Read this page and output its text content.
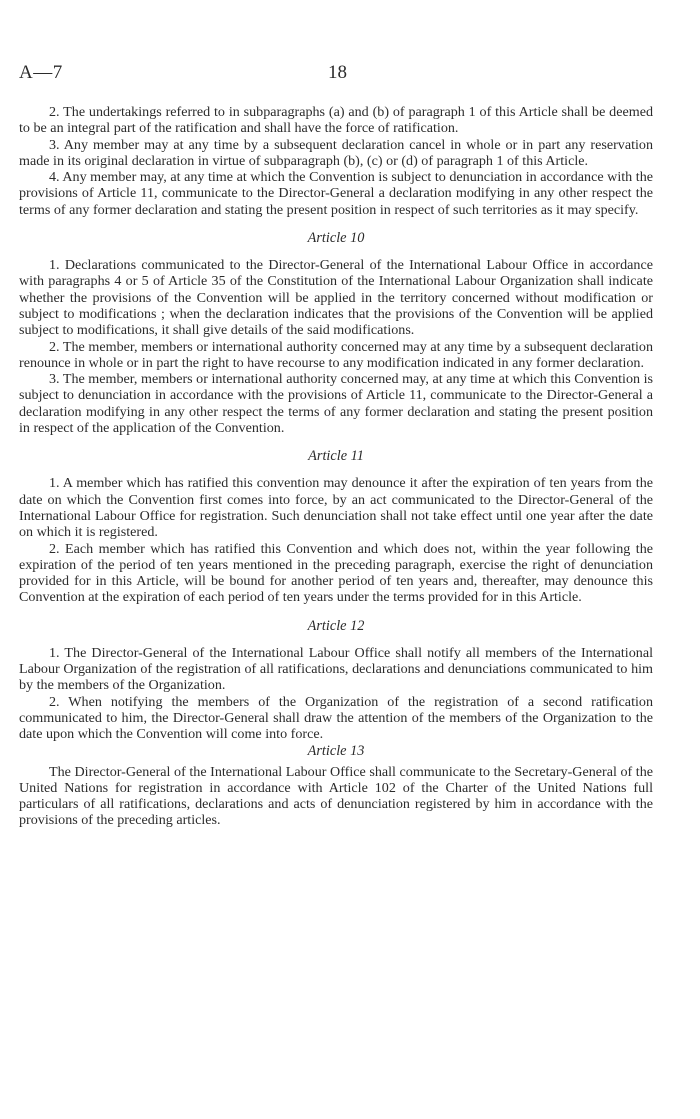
A—7	18

2. The undertakings referred to in subparagraphs (a) and (b) of paragraph 1 of this Article shall be deemed to be an integral part of the ratification and shall have the force of ratification.

3. Any member may at any time by a subsequent declaration cancel in whole or in part any reservation made in its original declaration in virtue of subparagraph (b), (c) or (d) of paragraph 1 of this Article.

4. Any member may, at any time at which the Convention is subject to denunciation in accordance with the provisions of Article 11, communicate to the Director-General a declaration modifying in any other respect the terms of any former declaration and stating the present position in respect of such territories as it may specify.

Article 10

1. Declarations communicated to the Director-General of the International Labour Office in accordance with paragraphs 4 or 5 of Article 35 of the Constitution of the International Labour Organization shall indicate whether the provisions of the Convention will be applied in the territory concerned without modification or subject to modifications ; when the declaration indicates that the provisions of the Convention will be applied subject to modifications, it shall give details of the said modifications.

2. The member, members or international authority concerned may at any time by a subsequent declaration renounce in whole or in part the right to have recourse to any modification indicated in any former declaration.

3. The member, members or international authority concerned may, at any time at which this Convention is subject to denunciation in accordance with the provisions of Article 11, communicate to the Director-General a declaration modifying in any other respect the terms of any former declaration and stating the present position in respect of the application of the Convention.

Article 11

1. A member which has ratified this convention may denounce it after the expiration of ten years from the date on which the Convention first comes into force, by an act communicated to the Director-General of the International Labour Office for registration. Such denunciation shall not take effect until one year after the date on which it is registered.

2. Each member which has ratified this Convention and which does not, within the year following the expiration of the period of ten years mentioned in the preceding paragraph, exercise the right of denunciation provided for in this Article, will be bound for another period of ten years and, thereafter, may denounce this Convention at the expiration of each period of ten years under the terms provided for in this Article.

Article 12

1. The Director-General of the International Labour Office shall notify all members of the International Labour Organization of the registration of all ratifications, declarations and denunciations communicated to him by the members of the Organization.

2. When notifying the members of the Organization of the registration of a second ratification communicated to him, the Director-General shall draw the attention of the members of the Organization to the date upon which the Convention will come into force.

Article 13

The Director-General of the International Labour Office shall communicate to the Secretary-General of the United Nations for registration in accordance with Article 102 of the Charter of the United Nations full particulars of all ratifications, declarations and acts of denunciation registered by him in accordance with the provisions of the preceding articles.
